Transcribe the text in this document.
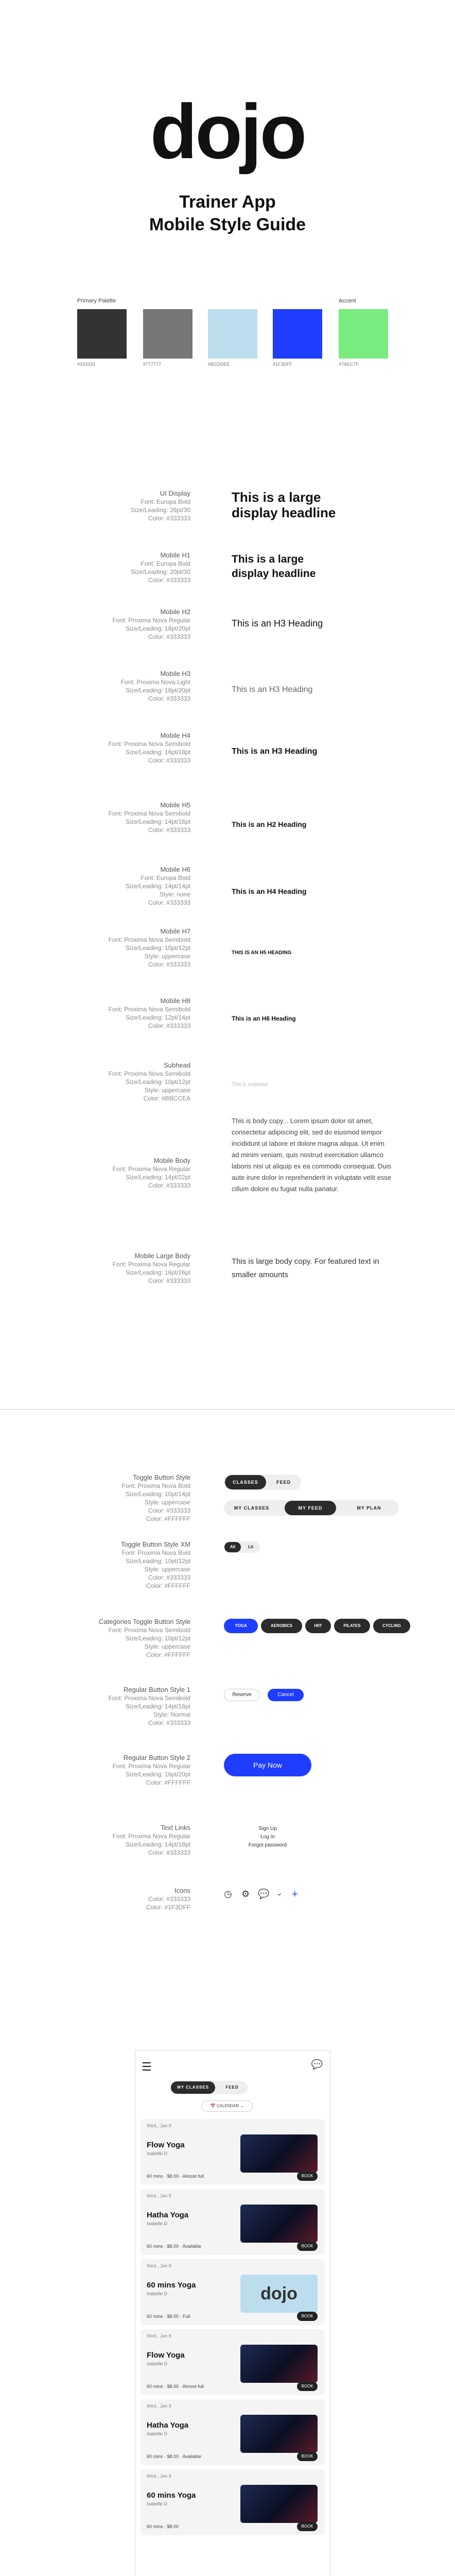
dojo
Trainer App
Mobile Style Guide
Primary Palette	Accent
#333333	#777777	#BCDDEE	#1F3DFF	#7AEC7F
UI Display
Font: Europa Bold
Size/Leading: 26pt/30
Color: #333333
This is a large display headline
Mobile H1
Font: Europa Bold
Size/Leading: 20pt/30
Color: #333333
This is a large display headline
Mobile H2
Font: Proxima Nova Regular
Size/Leading: 18pt/20pt
Color: #333333
This is an H3 Heading
Mobile H3
Font: Proxima Nova Light
Size/Leading: 18pt/20pt
Color: #333333
This is an H3 Heading
Mobile H4
Font: Proxima Nova Semibold
Size/Leading: 16pt/18pt
Color: #333333
This is an H3 Heading
Mobile H5
Font: Proxima Nova Semibold
Size/Leading: 14pt/16pt
Color: #333333
This is an H2 Heading
Mobile H6
Font: Europa Bold
Size/Leading: 14pt/14pt
Style: none
Color: #333333
This is an H4 Heading
Mobile H7
Font: Proxima Nova Semibold
Size/Leading: 10pt/12pt
Style: uppercase
Color: #333333
THIS IS AN H5 HEADING
Mobile H8
Font: Proxima Nova Semibold
Size/Leading: 12pt/14pt
Color: #333333
This is an H6 Heading
Subhead
Font: Proxima Nova Semibold
Size/Leading: 10pt/12pt
Style: uppercase
Color: #BBCCEA
This is subhead
Mobile Body
Font: Proxima Nova Regular
Size/Leading: 14pt/22pt
Color: #333333
This is body copy... Lorem ipsum dolor sit amet, consectetur adipiscing elit, sed do eiusmod tempor incididunt ut labore et dolore magna aliqua. Ut enim ad minim veniam, quis nostrud exercitation ullamco laboris nisi ut aliquip ex ea commodo consequat. Duis aute irure dolor in reprehenderit in voluptate velit esse cillum dolore eu fugiat nulla pariatur.
Mobile Large Body
Font: Proxima Nova Regular
Size/Leading: 16pt/26pt
Color: #333333
This is large body copy. For featured text in smaller amounts
Toggle Button Style
Font: Proxima Nova Bold
Size/Leading: 10pt/14pt
Style: uppercase
Color: #333333
Color: #FFFFFF
CLASSES	FEED
MY CLASSES	MY FEED	MY PLAN
Toggle Button Style XM
Font: Proxima Nova Bold
Size/Leading: 10pt/12pt
Style: uppercase
Color: #333333
Color: #FFFFFF
All	Lit
Categories Toggle Button Style
Font: Proxima Nova Semibold
Size/Leading: 10pt/12pt
Style: uppercase
Color: #FFFFFF
YOGA	AEROBICS	HIIT	PILATES	CYCLING
Regular Button Style 1
Font: Proxima Nova Semibold
Size/Leading: 14pt/16pt
Style: Normal
Color: #333333
Reserve	Cancel
Regular Button Style 2
Font: Proxima Nova Regular
Size/Leading: 16pt/20pt
Color: #FFFFFF
Pay Now
Text Links
Font: Proxima Nova Regular
Size/Leading: 14pt/18pt
Color: #333333
Sign Up
Log In
Forgot password
Icons
Color: #333333
Color: #1F3DFF
◷ ⚙ 💬 ⌄ +
☰	💬
MY CLASSES	FEED
📅 CALENDAR ⌄
Wed., Jan 8
Flow Yoga
Isabelle D
60 mins · $8.00 · Almost full	BOOK
Wed., Jan 8
Hatha Yoga
Isabelle D
60 mins · $8.00 · Available	BOOK
Wed., Jan 8
60 mins Yoga
Isabelle D
60 mins · $8.00 · Full
dojo
BOOK
Wed., Jan 8
Flow Yoga
Isabelle D
60 mins · $8.00 · Almost full	BOOK
Wed., Jan 8
Hatha Yoga
Isabelle D
60 mins · $8.00 · Available	BOOK
Wed., Jan 8
60 mins Yoga
Isabelle D
60 mins · $8.00	BOOK
